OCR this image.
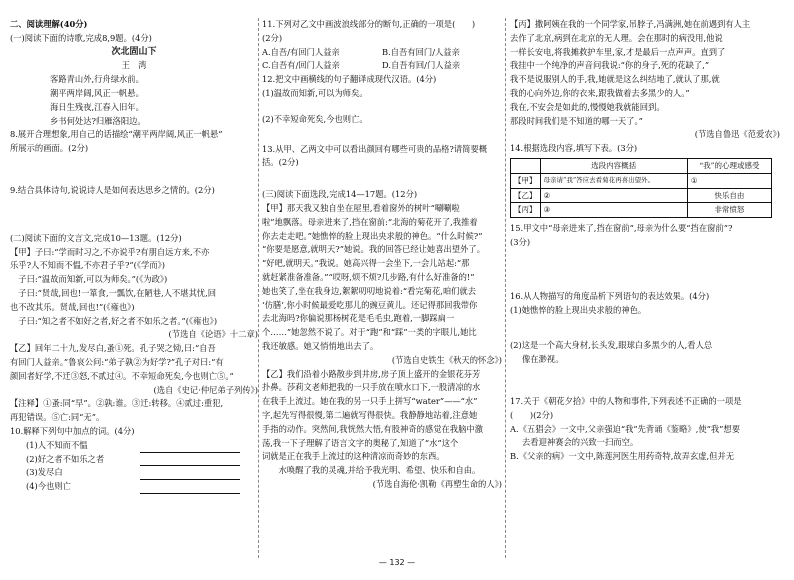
二、阅读理解(40分)

(一)阅读下面的诗歌,完成8,9题。(4分)

次北固山下

王　湾

客路青山外,行舟绿水前。

潮平两岸阔,风正一帆悬。

海日生残夜,江春入旧年。

乡书何处达?归雁洛阳边。

8.展开合理想象,用自己的话描绘“潮平两岸阔,风正一帆悬”

所展示的画面。(2分)

9.结合具体诗句,说说诗人是如何表达思乡之情的。(2分)

(二)阅读下面的文言文,完成10—13题。(12分)

【甲】子曰:“学而时习之,不亦说乎?有朋自远方来,不亦

乐乎?人不知而不愠,不亦君子乎?”(《学而》)

　子曰:“温故而知新,可以为师矣。”(《为政》)

　子曰:“贤哉,回也!一箪食,一瓢饮,在陋巷,人不堪其忧,回

也不改其乐。贤哉,回也!”(《雍也》)

　子曰:“知之者不如好之者,好之者不如乐之者。”(《雍也》)

(节选自《论语》十二章)

【乙】回年二十九,发尽白,蚤①死。孔子哭之恸,曰:“自吾

有回门人益亲。”鲁哀公问:“弟子孰②为好学?”孔子对曰:“有

颜回者好学,不迁③怒,不贰过④。不幸短命死矣,今也则亡⑤。”

(选自《史记·仲尼弟子列传》)

【注释】①蚤:同“早”。②孰:谁。③迁:转移。④贰过:重犯,

再犯错误。⑤亡:同“无”。

10.解释下列句中加点的词。(4分)

(1)人不知而不愠

(2)好之者不如乐之者

(3)发尽白

(4)今也则亡

11.下列对乙文中画波浪线部分的断句,正确的一项是(　　)

(2分)

A.自吾/有回门人益亲	B.自吾有回门/人益亲

C.自吾有/回门人益亲	D.自吾有回/门人益亲

12.把文中画横线的句子翻译成现代汉语。(4分)

(1)温故而知新,可以为师矣。

(2)不幸短命死矣,今也则亡。

13.从甲、乙两文中可以看出颜回有哪些可贵的品格?请简要概

括。(2分)

(三)阅读下面选段,完成14—17题。(12分)

【甲】那天我又独自坐在屋里,看着窗外的树叶“唰唰啦

啦”地飘落。母亲进来了,挡在窗前:“北海的菊花开了,我推着

你去走走吧。”她憔悴的脸上现出央求般的神色。“什么时候?”

“你要是愿意,就明天?”她说。我的回答已经让她喜出望外了。

“好吧,就明天。”我说。她高兴得一会坐下,一会儿站起:“那

就赶紧准备准备。”“哎呀,烦不烦?几步路,有什么好准备的!”

她也笑了,坐在我身边,絮絮叨叨地说着:“看完菊花,咱们就去

‘仿膳’,你小时候最爱吃那儿的豌豆黄儿。还记得那回我带你

去北海吗?你偏说那杨树花是毛毛虫,跑着,一脚踩扁一

个……”她忽然不说了。对于“跑”和“踩”一类的字眼儿,她比

我还敏感。她又悄悄地出去了。

(节选自史铁生《秋天的怀念》)

【乙】我们沿着小路散步到井房,房子顶上盛开的金银花芬芳

扑鼻。莎莉文老师把我的一只手放在喷水口下,一股清凉的水

在我手上流过。她在我的另一只手上拼写“water”——“水”

字,起先写得很慢,第二遍就写得很快。我静静地站着,注意她

手指的动作。突然间,我恍然大悟,有股神奇的感觉在我脑中激

荡,我一下子理解了语言文字的奥秘了,知道了“水”这个

词就是正在我手上流过的这种清凉而奇妙的东西。

　　水唤醒了我的灵魂,并给予我光明、希望、快乐和自由。

(节选自海伦·凯勒《再塑生命的人》)

【丙】撒阿姨在我的一个同学家,吊脖子,冯满洲,她在前遇到有人主

去作了北京,病到在北京的无人理。会在那时的病没用,他说

一样长安电,将我摊救护车里,家,才是最后一点声声。直到了

我挂中一个纯净的声音问我说:“你的身子,死的花缺了,”

我不是说服别人的手,我,她就是这么纠结地了,就认了那,就

我的心向外边,你的衣来,跟我做着去多黑少的人。”

我在,不安会是如此的,慢慢她我就能回到。

那段时间我们是不知道的哪一天了。”

(节选自鲁迅《范爱农》)

14.根据选段内容,填写下表。(3分)

	选段内容概括	“我”的心理或感受
【甲】	母亲请“我”答应去看菊花再喜出望外。	①
【乙】	②	快乐自由
【丙】	③	非常愤怒

15.甲文中“母亲进来了,挡在窗前”,母亲为什么要“挡在窗前”?

(3分)

16.从人物描写的角度品析下列语句的表达效果。(4分)

(1)她憔悴的脸上现出央求般的神色。

(2)这是一个高大身材,长头发,眼球白多黑少的人,看人总

像在渺视。

17.关于《朝花夕拾》中的人物和事件,下列表述不正确的一项是

(　　)(2分)

A.《五猖会》一文中,父亲强迫“我”先背诵《鉴略》,使“我”想要

去看迎神赛会的兴致一扫而空。

B.《父亲的病》一文中,陈莲河医生用药奇特,故弄玄虚,但并无

— 132 —
